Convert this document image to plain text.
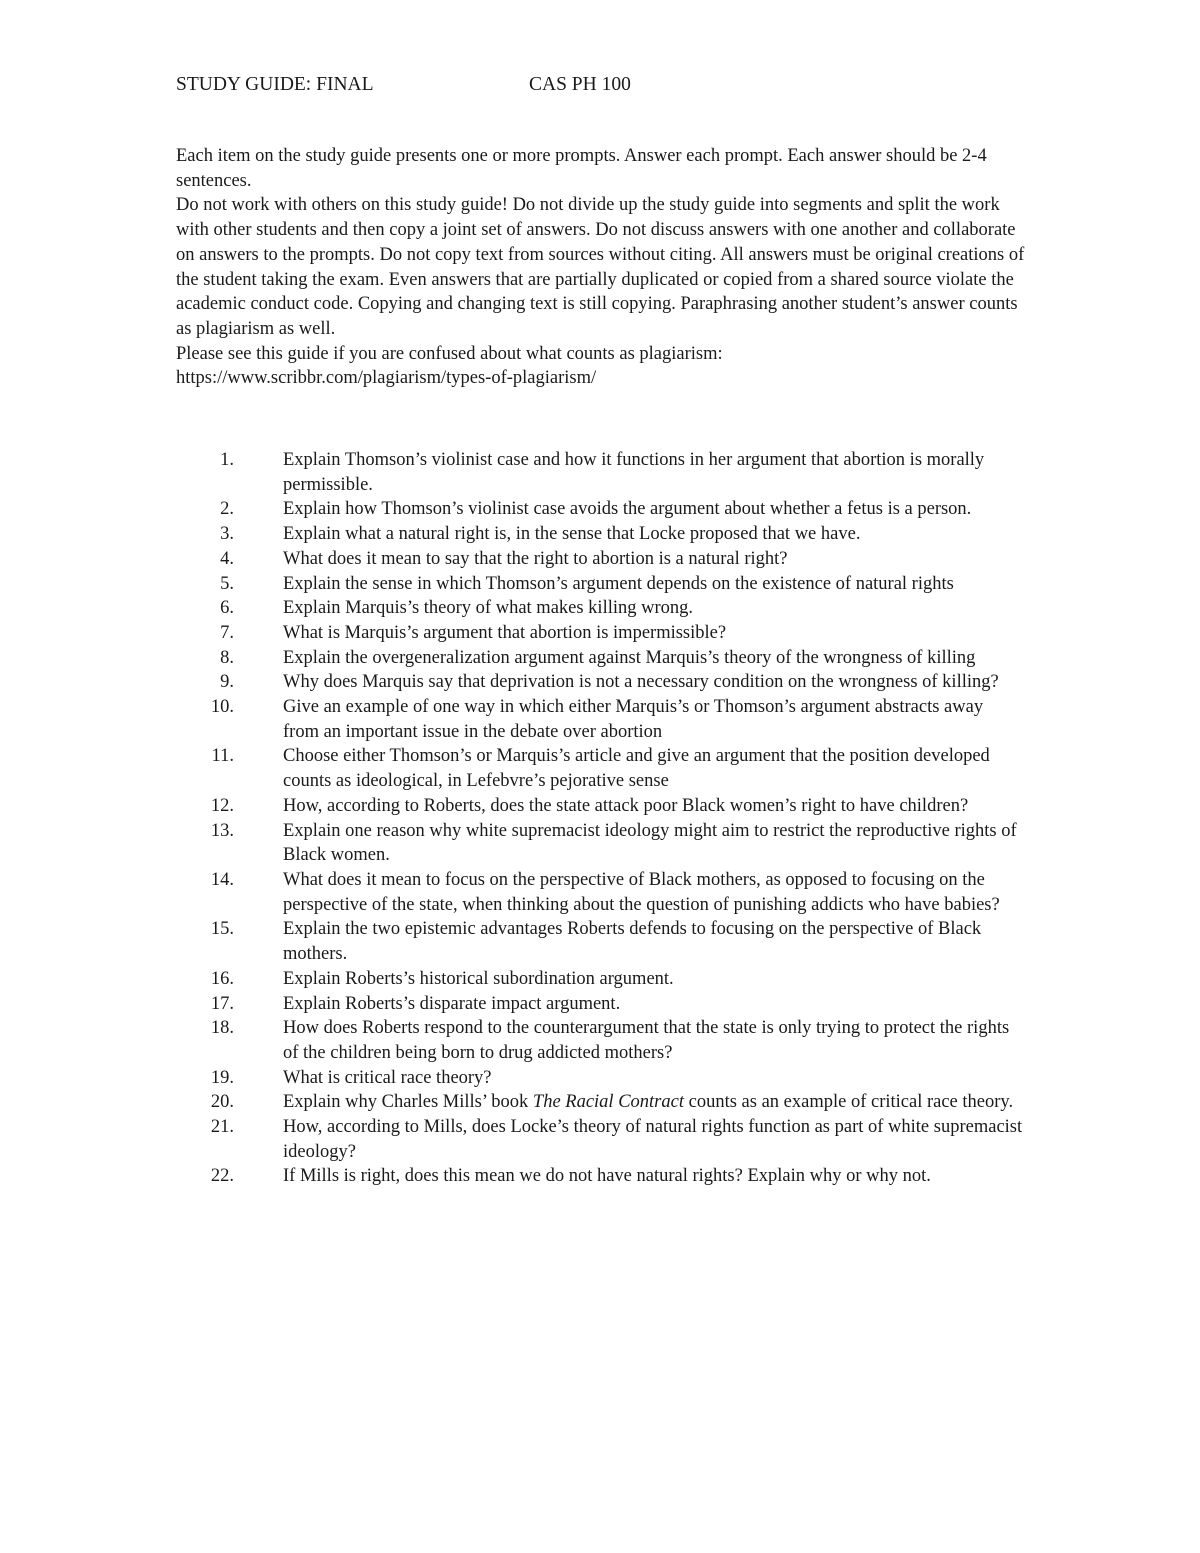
STUDY GUIDE: FINAL	CAS PH 100

Each item on the study guide presents one or more prompts. Answer each prompt. Each answer should be 2-4 sentences.

Do not work with others on this study guide! Do not divide up the study guide into segments and split the work with other students and then copy a joint set of answers. Do not discuss answers with one another and collaborate on answers to the prompts. Do not copy text from sources without citing. All answers must be original creations of the student taking the exam. Even answers that are partially duplicated or copied from a shared source violate the academic conduct code. Copying and changing text is still copying. Paraphrasing another student’s answer counts as plagiarism as well.

Please see this guide if you are confused about what counts as plagiarism:

https://www.scribbr.com/plagiarism/types-of-plagiarism/

1.	Explain Thomson’s violinist case and how it functions in her argument that abortion is morally permissible.
2.	Explain how Thomson’s violinist case avoids the argument about whether a fetus is a person.
3.	Explain what a natural right is, in the sense that Locke proposed that we have.
4.	What does it mean to say that the right to abortion is a natural right?
5.	Explain the sense in which Thomson’s argument depends on the existence of natural rights
6.	Explain Marquis’s theory of what makes killing wrong.
7.	What is Marquis’s argument that abortion is impermissible?
8.	Explain the overgeneralization argument against Marquis’s theory of the wrongness of killing
9.	Why does Marquis say that deprivation is not a necessary condition on the wrongness of killing?
10.	Give an example of one way in which either Marquis’s or Thomson’s argument abstracts away from an important issue in the debate over abortion
11.	Choose either Thomson’s or Marquis’s article and give an argument that the position developed counts as ideological, in Lefebvre’s pejorative sense
12.	How, according to Roberts, does the state attack poor Black women’s right to have children?
13.	Explain one reason why white supremacist ideology might aim to restrict the reproductive rights of Black women.
14.	What does it mean to focus on the perspective of Black mothers, as opposed to focusing on the perspective of the state, when thinking about the question of punishing addicts who have babies?
15.	Explain the two epistemic advantages Roberts defends to focusing on the perspective of Black mothers.
16.	Explain Roberts’s historical subordination argument.
17.	Explain Roberts’s disparate impact argument.
18.	How does Roberts respond to the counterargument that the state is only trying to protect the rights of the children being born to drug addicted mothers?
19.	What is critical race theory?
20.	Explain why Charles Mills’ book The Racial Contract counts as an example of critical race theory.
21.	How, according to Mills, does Locke’s theory of natural rights function as part of white supremacist ideology?
22.	If Mills is right, does this mean we do not have natural rights? Explain why or why not.
